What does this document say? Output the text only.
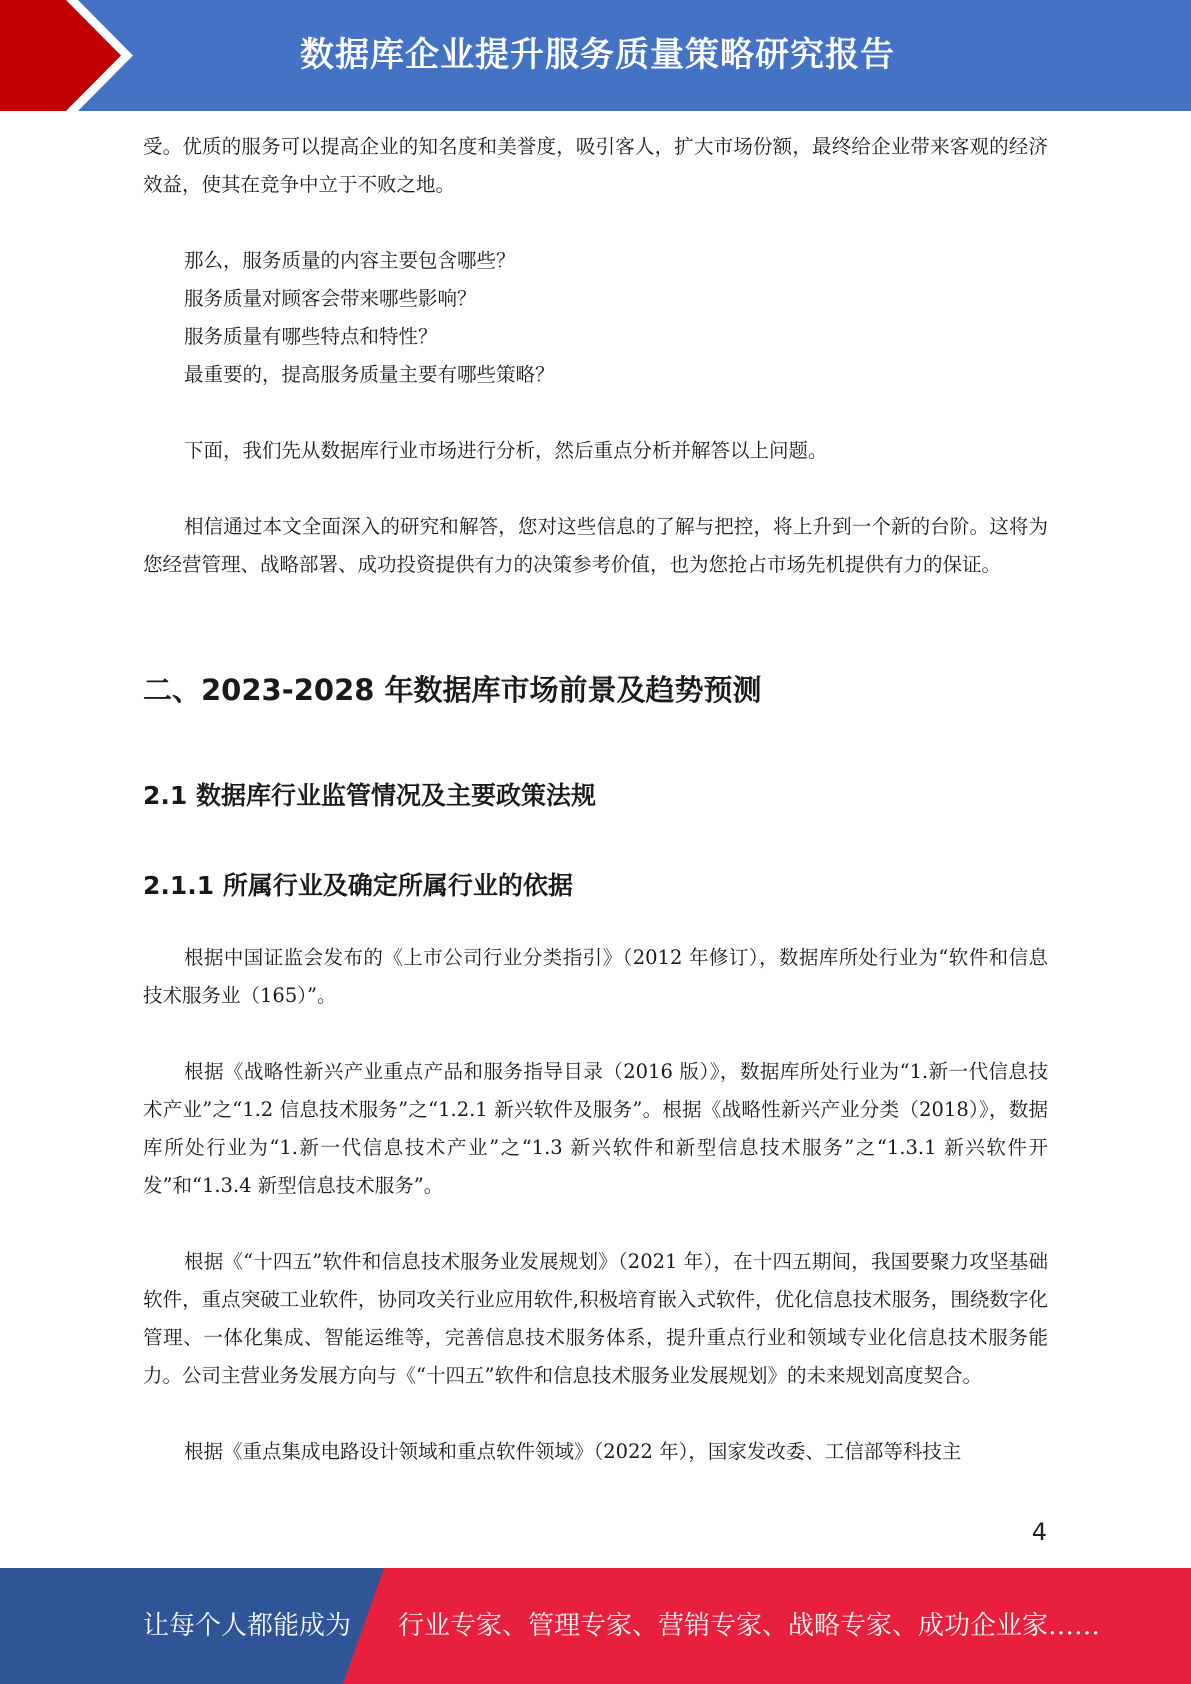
数据库企业提升服务质量策略研究报告

受。优质的服务可以提高企业的知名度和美誉度，吸引客人，扩大市场份额，最终给企业带来客观的经济效益，使其在竞争中立于不败之地。

那么，服务质量的内容主要包含哪些？

服务质量对顾客会带来哪些影响？

服务质量有哪些特点和特性？

最重要的，提高服务质量主要有哪些策略？

下面，我们先从数据库行业市场进行分析，然后重点分析并解答以上问题。

相信通过本文全面深入的研究和解答，您对这些信息的了解与把控，将上升到一个新的台阶。这将为您经营管理、战略部署、成功投资提供有力的决策参考价值，也为您抢占市场先机提供有力的保证。

二、2023-2028 年数据库市场前景及趋势预测
2.1 数据库行业监管情况及主要政策法规
2.1.1 所属行业及确定所属行业的依据

根据中国证监会发布的《上市公司行业分类指引》（2012 年修订），数据库所处行业为“软件和信息技术服务业（165）”。

根据《战略性新兴产业重点产品和服务指导目录（2016 版）》，数据库所处行业为“1.新一代信息技术产业”之“1.2 信息技术服务”之“1.2.1 新兴软件及服务”。根据《战略性新兴产业分类（2018）》，数据库所处行业为“1.新一代信息技术产业”之“1.3 新兴软件和新型信息技术服务”之“1.3.1 新兴软件开发”和“1.3.4 新型信息技术服务”。

根据《“十四五”软件和信息技术服务业发展规划》（2021 年），在十四五期间，我国要聚力攻坚基础软件，重点突破工业软件，协同攻关行业应用软件,积极培育嵌入式软件，优化信息技术服务，围绕数字化管理、一体化集成、智能运维等，完善信息技术服务体系，提升重点行业和领域专业化信息技术服务能力。公司主营业务发展方向与《“十四五”软件和信息技术服务业发展规划》的未来规划高度契合。

根据《重点集成电路设计领域和重点软件领域》（2022 年），国家发改委、工信部等科技主

4
让每个人都能成为 行业专家、管理专家、营销专家、战略专家、成功企业家……
